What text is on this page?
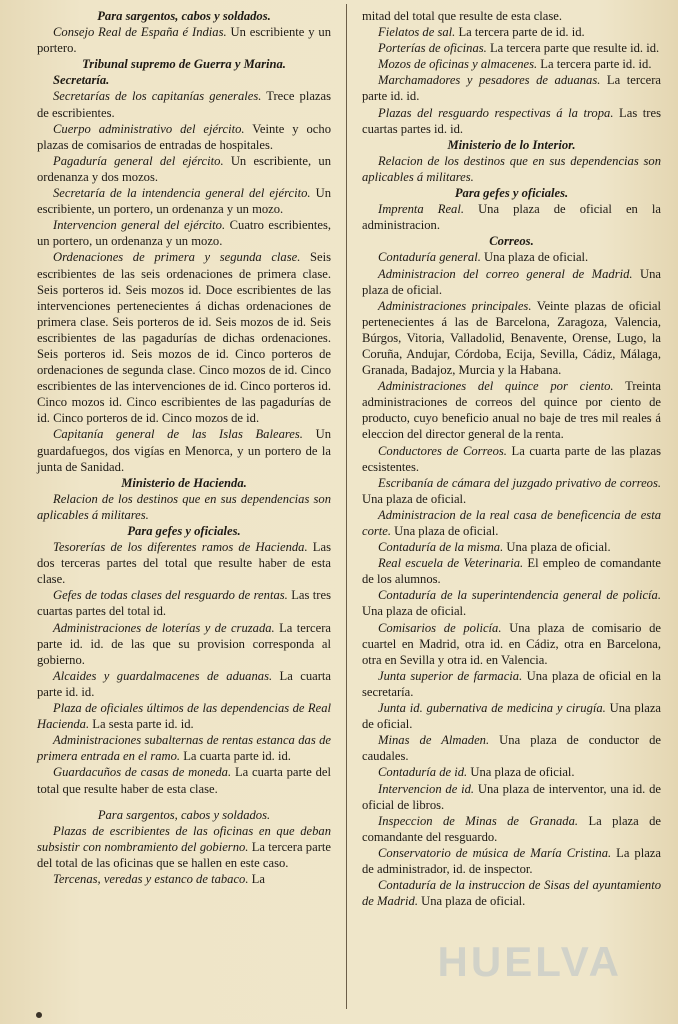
Para sargentos, cabos y soldados.

Consejo Real de España é Indias. Un escribiente y un portero.

Tribunal supremo de Guerra y Marina.

Secretaría.

Secretarías de los capitanías generales. Trece plazas de escribientes.

Cuerpo administrativo del ejército. Veinte y ocho plazas de comisarios de entradas de hospitales.

Pagaduría general del ejército. Un escribiente, un ordenanza y dos mozos.

Secretaría de la intendencia general del ejército. Un escribiente, un portero, un ordenanza y un mozo.

Intervencion general del ejército. Cuatro escribientes, un portero, un ordenanza y un mozo.

Ordenaciones de primera y segunda clase. Seis escribientes de las seis ordenaciones de primera clase. Seis porteros id. Seis mozos id. Doce escribientes de las intervenciones pertenecientes á dichas ordenaciones de primera clase. Seis porteros de id. Seis mozos de id. Seis escribientes de las pagadurías de dichas ordenaciones. Seis porteros id. Seis mozos de id. Cinco porteros de ordenaciones de segunda clase. Cinco mozos de id. Cinco escribientes de las intervenciones de id. Cinco porteros id. Cinco mozos id. Cinco escribientes de las pagadurías de id. Cinco porteros de id. Cinco mozos de id.

Capitanía general de las Islas Baleares. Un guardafuegos, dos vigías en Menorca, y un portero de la junta de Sanidad.

Ministerio de Hacienda.

Relacion de los destinos que en sus dependencias son aplicables á militares.

Para gefes y oficiales.

Tesorerías de los diferentes ramos de Hacienda. Las dos terceras partes del total que resulte haber de esta clase.

Gefes de todas clases del resguardo de rentas. Las tres cuartas partes del total id.

Administraciones de loterías y de cruzada. La tercera parte id. id. de las que su provision corresponda al gobierno.

Alcaides y guardalmacenes de aduanas. La cuarta parte id. id.

Plaza de oficiales últimos de las dependencias de Real Hacienda. La sesta parte id. id.

Administraciones subalternas de rentas estanca das de primera entrada en el ramo. La cuarta parte id. id.

Guardacuños de casas de moneda. La cuarta parte del total que resulte haber de esta clase.

Para sargentos, cabos y soldados.

Plazas de escribientes de las oficinas en que deban subsistir con nombramiento del gobierno. La tercera parte del total de las oficinas que se hallen en este caso.

Tercenas, veredas y estanco de tabaco. La

mitad del total que resulte de esta clase.

Fielatos de sal. La tercera parte de id. id.

Porterías de oficinas. La tercera parte que resulte id. id.

Mozos de oficinas y almacenes. La tercera parte id. id.

Marchamadores y pesadores de aduanas. La tercera parte id. id.

Plazas del resguardo respectivas á la tropa. Las tres cuartas partes id. id.

Ministerio de lo Interior.

Relacion de los destinos que en sus dependencias son aplicables á militares.

Para gefes y oficiales.

Imprenta Real. Una plaza de oficial en la administracion.

Correos.

Contaduría general. Una plaza de oficial.

Administracion del correo general de Madrid. Una plaza de oficial.

Administraciones principales. Veinte plazas de oficial pertenecientes á las de Barcelona, Zaragoza, Valencia, Búrgos, Vitoria, Valladolid, Benavente, Orense, Lugo, la Coruña, Andujar, Córdoba, Ecija, Sevilla, Cádiz, Málaga, Granada, Badajoz, Murcia y la Habana.

Administraciones del quince por ciento. Treinta administraciones de correos del quince por ciento de producto, cuyo beneficio anual no baje de tres mil reales á eleccion del director general de la renta.

Conductores de Correos. La cuarta parte de las plazas ecsistentes.

Escribanía de cámara del juzgado privativo de correos. Una plaza de oficial.

Administracion de la real casa de beneficencia de esta corte. Una plaza de oficial.

Contaduría de la misma. Una plaza de oficial.

Real escuela de Veterinaria. El empleo de comandante de los alumnos.

Contaduría de la superintendencia general de policía. Una plaza de oficial.

Comisarios de policía. Una plaza de comisario de cuartel en Madrid, otra id. en Cádiz, otra en Barcelona, otra en Sevilla y otra id. en Valencia.

Junta superior de farmacia. Una plaza de oficial en la secretaría.

Junta id. gubernativa de medicina y cirugía. Una plaza de oficial.

Minas de Almaden. Una plaza de conductor de caudales.

Contaduría de id. Una plaza de oficial.

Intervencion de id. Una plaza de interventor, una id. de oficial de libros.

Inspeccion de Minas de Granada. La plaza de comandante del resguardo.

Conservatorio de música de María Cristina. La plaza de administrador, id. de inspector.

Contaduría de la instruccion de Sisas del ayuntamiento de Madrid. Una plaza de oficial.

HUELVA
